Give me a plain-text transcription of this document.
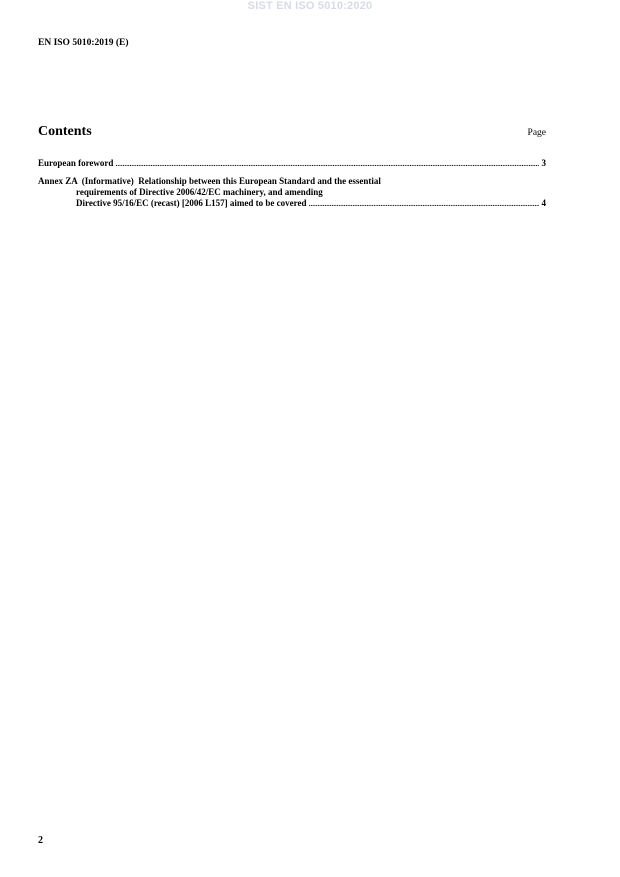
SIST EN ISO 5010:2020
EN ISO 5010:2019 (E)
Contents	Page
European foreword .....	3
Annex ZA  (Informative)  Relationship between this European Standard and the essential
requirements of Directive 2006/42/EC machinery, and amending
Directive 95/16/EC (recast) [2006 L157] aimed to be covered .....	4
2
